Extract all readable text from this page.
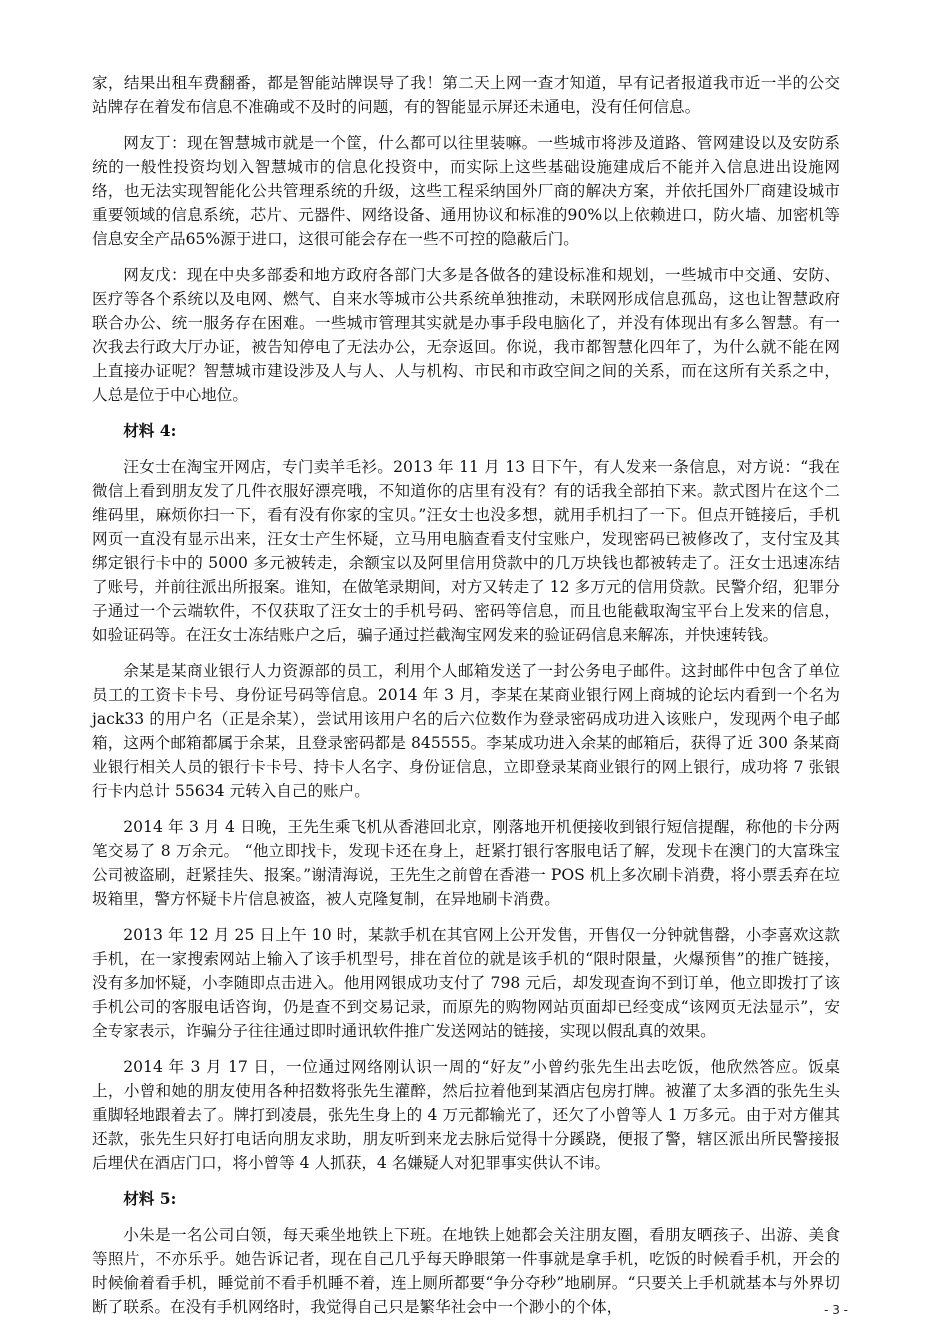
家，结果出租车费翻番，都是智能站牌误导了我！第二天上网一查才知道，早有记者报道我市近一半的公交站牌存在着发布信息不准确或不及时的问题，有的智能显示屏还未通电，没有任何信息。

网友丁：现在智慧城市就是一个筐，什么都可以往里装嘛。一些城市将涉及道路、管网建设以及安防系统的一般性投资均划入智慧城市的信息化投资中，而实际上这些基础设施建成后不能并入信息进出设施网络，也无法实现智能化公共管理系统的升级，这些工程采纳国外厂商的解决方案，并依托国外厂商建设城市重要领域的信息系统，芯片、元器件、网络设备、通用协议和标准的90%以上依赖进口，防火墙、加密机等信息安全产品65%源于进口，这很可能会存在一些不可控的隐蔽后门。

网友戊：现在中央多部委和地方政府各部门大多是各做各的建设标准和规划，一些城市中交通、安防、医疗等各个系统以及电网、燃气、自来水等城市公共系统单独推动，未联网形成信息孤岛，这也让智慧政府联合办公、统一服务存在困难。一些城市管理其实就是办事手段电脑化了，并没有体现出有多么智慧。有一次我去行政大厅办证，被告知停电了无法办公，无奈返回。你说，我市都智慧化四年了，为什么就不能在网上直接办证呢？智慧城市建设涉及人与人、人与机构、市民和市政空间之间的关系，而在这所有关系之中，人总是位于中心地位。

材料 4:

汪女士在淘宝开网店，专门卖羊毛衫。2013 年 11 月 13 日下午，有人发来一条信息，对方说：“我在微信上看到朋友发了几件衣服好漂亮哦，不知道你的店里有没有？有的话我全部拍下来。款式图片在这个二维码里，麻烦你扫一下，看有没有你家的宝贝。”汪女士也没多想，就用手机扫了一下。但点开链接后，手机网页一直没有显示出来，汪女士产生怀疑，立马用电脑查看支付宝账户，发现密码已被修改了，支付宝及其绑定银行卡中的 5000 多元被转走，余额宝以及阿里信用贷款中的几万块钱也都被转走了。汪女士迅速冻结了账号，并前往派出所报案。谁知，在做笔录期间，对方又转走了 12 多万元的信用贷款。民警介绍，犯罪分子通过一个云端软件，不仅获取了汪女士的手机号码、密码等信息，而且也能截取淘宝平台上发来的信息，如验证码等。在汪女士冻结账户之后，骗子通过拦截淘宝网发来的验证码信息来解冻，并快速转钱。

余某是某商业银行人力资源部的员工，利用个人邮箱发送了一封公务电子邮件。这封邮件中包含了单位员工的工资卡卡号、身份证号码等信息。2014 年 3 月，李某在某商业银行网上商城的论坛内看到一个名为 jack33 的用户名（正是余某），尝试用该用户名的后六位数作为登录密码成功进入该账户，发现两个电子邮箱，这两个邮箱都属于余某，且登录密码都是 845555。李某成功进入余某的邮箱后，获得了近 300 条某商业银行相关人员的银行卡卡号、持卡人名字、身份证信息，立即登录某商业银行的网上银行，成功将 7 张银行卡内总计 55634 元转入自己的账户。

2014 年 3 月 4 日晚，王先生乘飞机从香港回北京，刚落地开机便接收到银行短信提醒，称他的卡分两笔交易了 8 万余元。 “他立即找卡，发现卡还在身上，赶紧打银行客服电话了解，发现卡在澳门的大富珠宝公司被盗刷，赶紧挂失、报案。”谢清海说，王先生之前曾在香港一 POS 机上多次刷卡消费，将小票丢弃在垃圾箱里，警方怀疑卡片信息被盗，被人克隆复制，在异地刷卡消费。

2013 年 12 月 25 日上午 10 时，某款手机在其官网上公开发售，开售仅一分钟就售罄，小李喜欢这款手机，在一家搜索网站上输入了该手机型号，排在首位的就是该手机的“限时限量，火爆预售”的推广链接，没有多加怀疑，小李随即点击进入。他用网银成功支付了 798 元后，却发现查询不到订单，他立即拨打了该手机公司的客服电话咨询，仍是查不到交易记录，而原先的购物网站页面却已经变成“该网页无法显示”，安全专家表示，诈骗分子往往通过即时通讯软件推广发送网站的链接，实现以假乱真的效果。

2014 年 3 月 17 日，一位通过网络刚认识一周的“好友”小曾约张先生出去吃饭，他欣然答应。饭桌上，小曾和她的朋友使用各种招数将张先生灌醉，然后拉着他到某酒店包房打牌。被灌了太多酒的张先生头重脚轻地跟着去了。牌打到凌晨，张先生身上的 4 万元都输光了，还欠了小曾等人 1 万多元。由于对方催其还款，张先生只好打电话向朋友求助，朋友听到来龙去脉后觉得十分蹊跷，便报了警，辖区派出所民警接报后埋伏在酒店门口，将小曾等 4 人抓获，4 名嫌疑人对犯罪事实供认不讳。

材料 5:

小朱是一名公司白领，每天乘坐地铁上下班。在地铁上她都会关注朋友圈，看朋友晒孩子、出游、美食等照片，不亦乐乎。她告诉记者，现在自己几乎每天睁眼第一件事就是拿手机，吃饭的时候看手机，开会的时候偷着看手机，睡觉前不看手机睡不着，连上厕所都要“争分夺秒”地刷屏。“只要关上手机就基本与外界切断了联系。在没有手机网络时，我觉得自己只是繁华社会中一个渺小的个体，	- 3 -
